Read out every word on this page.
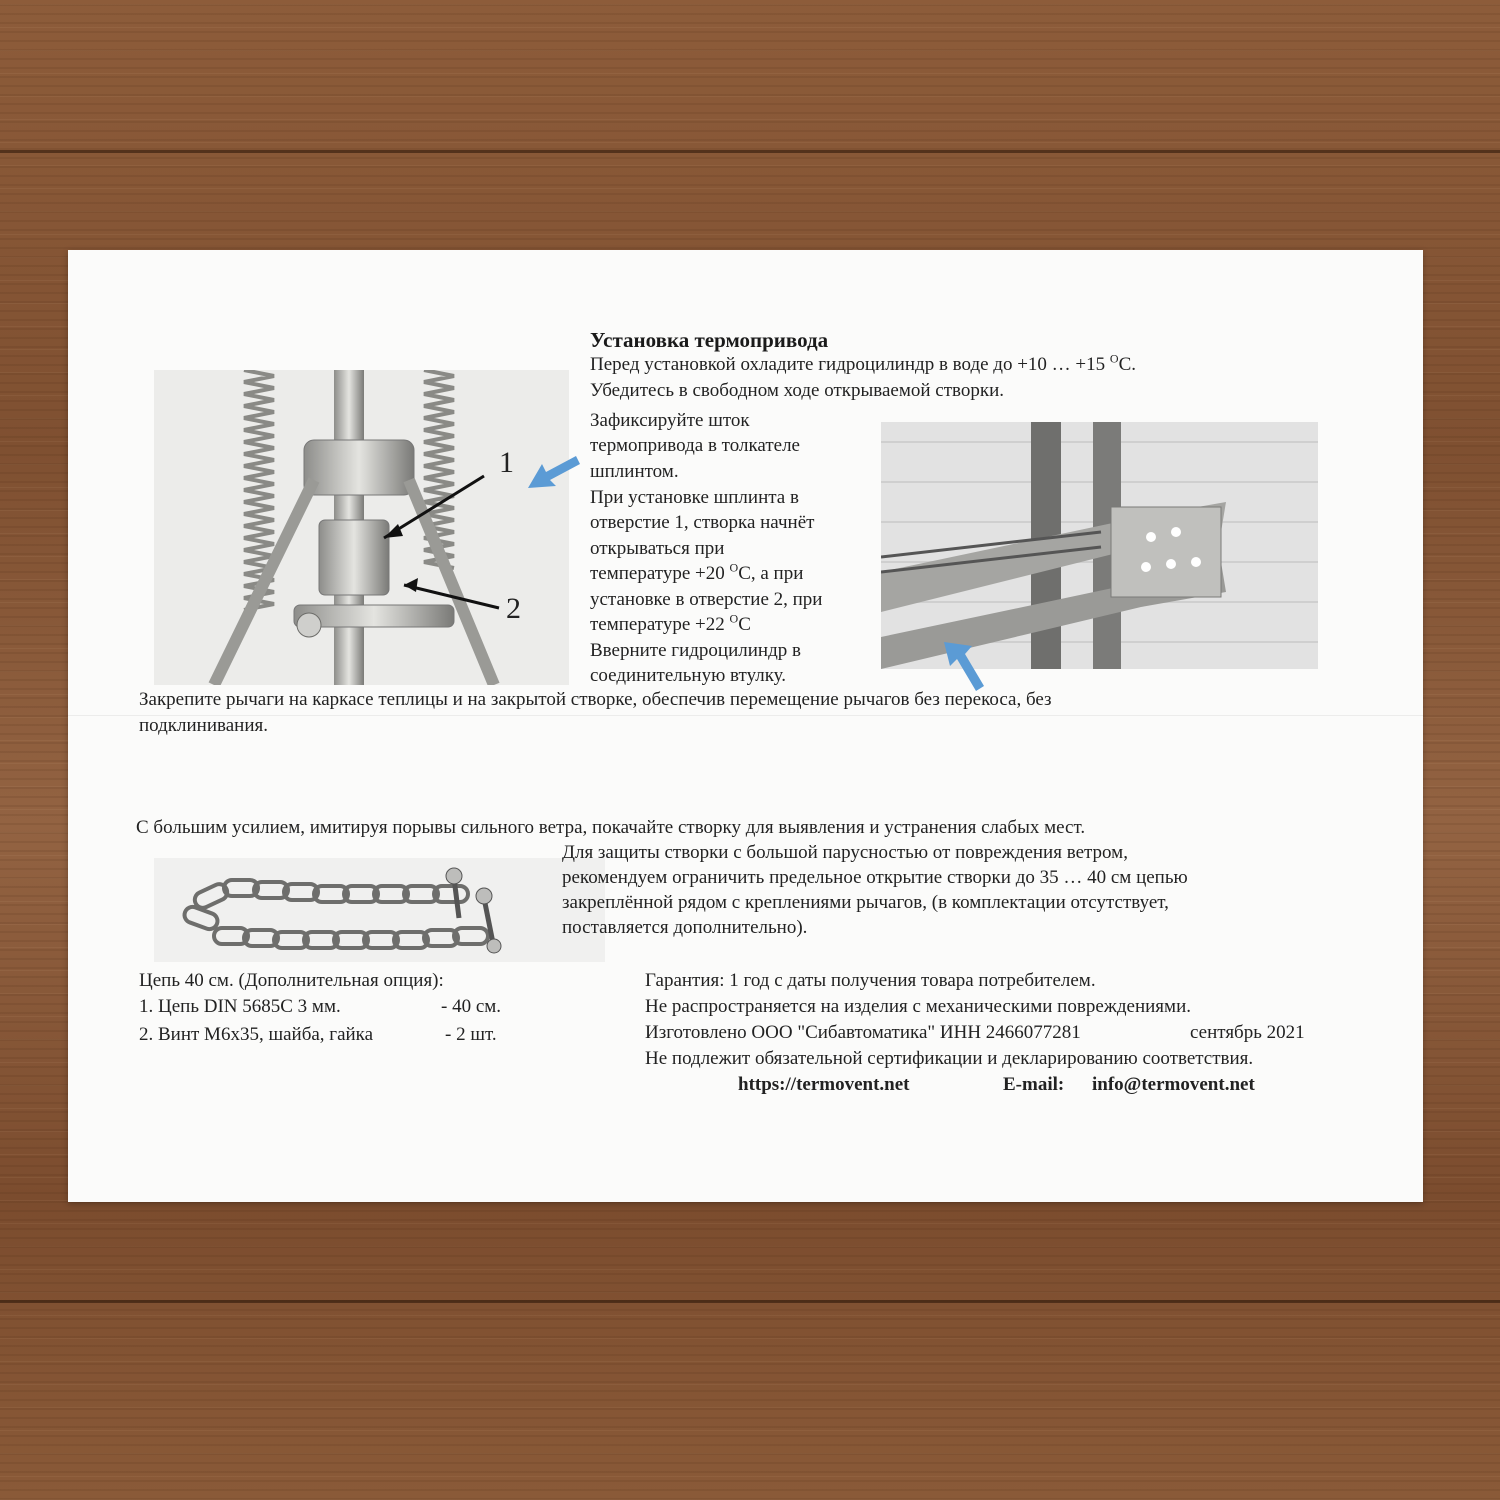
1
2
Установка термопривода
Перед установкой охладите гидроцилиндр в воде до +10 … +15 $^O$C.
Убедитесь в свободном ходе открываемой створки.
Зафиксируйте шток
термопривода в толкателе
шплинтом.
При установке шплинта в
отверстие 1, створка начнёт
открываться при
температуре +20 $^O$C, а при
установке в отверстие 2, при
температуре +22 $^O$C
Вверните гидроцилиндр в
соединительную втулку.
Закрепите рычаги на каркасе теплицы и на закрытой створке, обеспечив перемещение рычагов без перекоса, без
подклинивания.
С большим усилием, имитируя порывы сильного ветра, покачайте створку для выявления и устранения слабых мест.
Для защиты створки с большой парусностью от повреждения ветром,
рекомендуем ограничить предельное открытие створки до 35 … 40 см цепью
закреплённой рядом с креплениями рычагов, (в комплектации отсутствует,
поставляется дополнительно).
Цепь 40 см. (Дополнительная опция):
1. Цепь DIN 5685С 3 мм.	- 40 см.
2. Винт М6х35, шайба, гайка	- 2 шт.
Гарантия: 1 год с даты получения товара потребителем.
Не распространяется на изделия с механическими повреждениями.
Изготовлено ООО "Сибавтоматика" ИНН 2466077281	сентябрь 2021
Не подлежит обязательной сертификации и декларированию соответствия.
https://termovent.net	E-mail: info@termovent.net
